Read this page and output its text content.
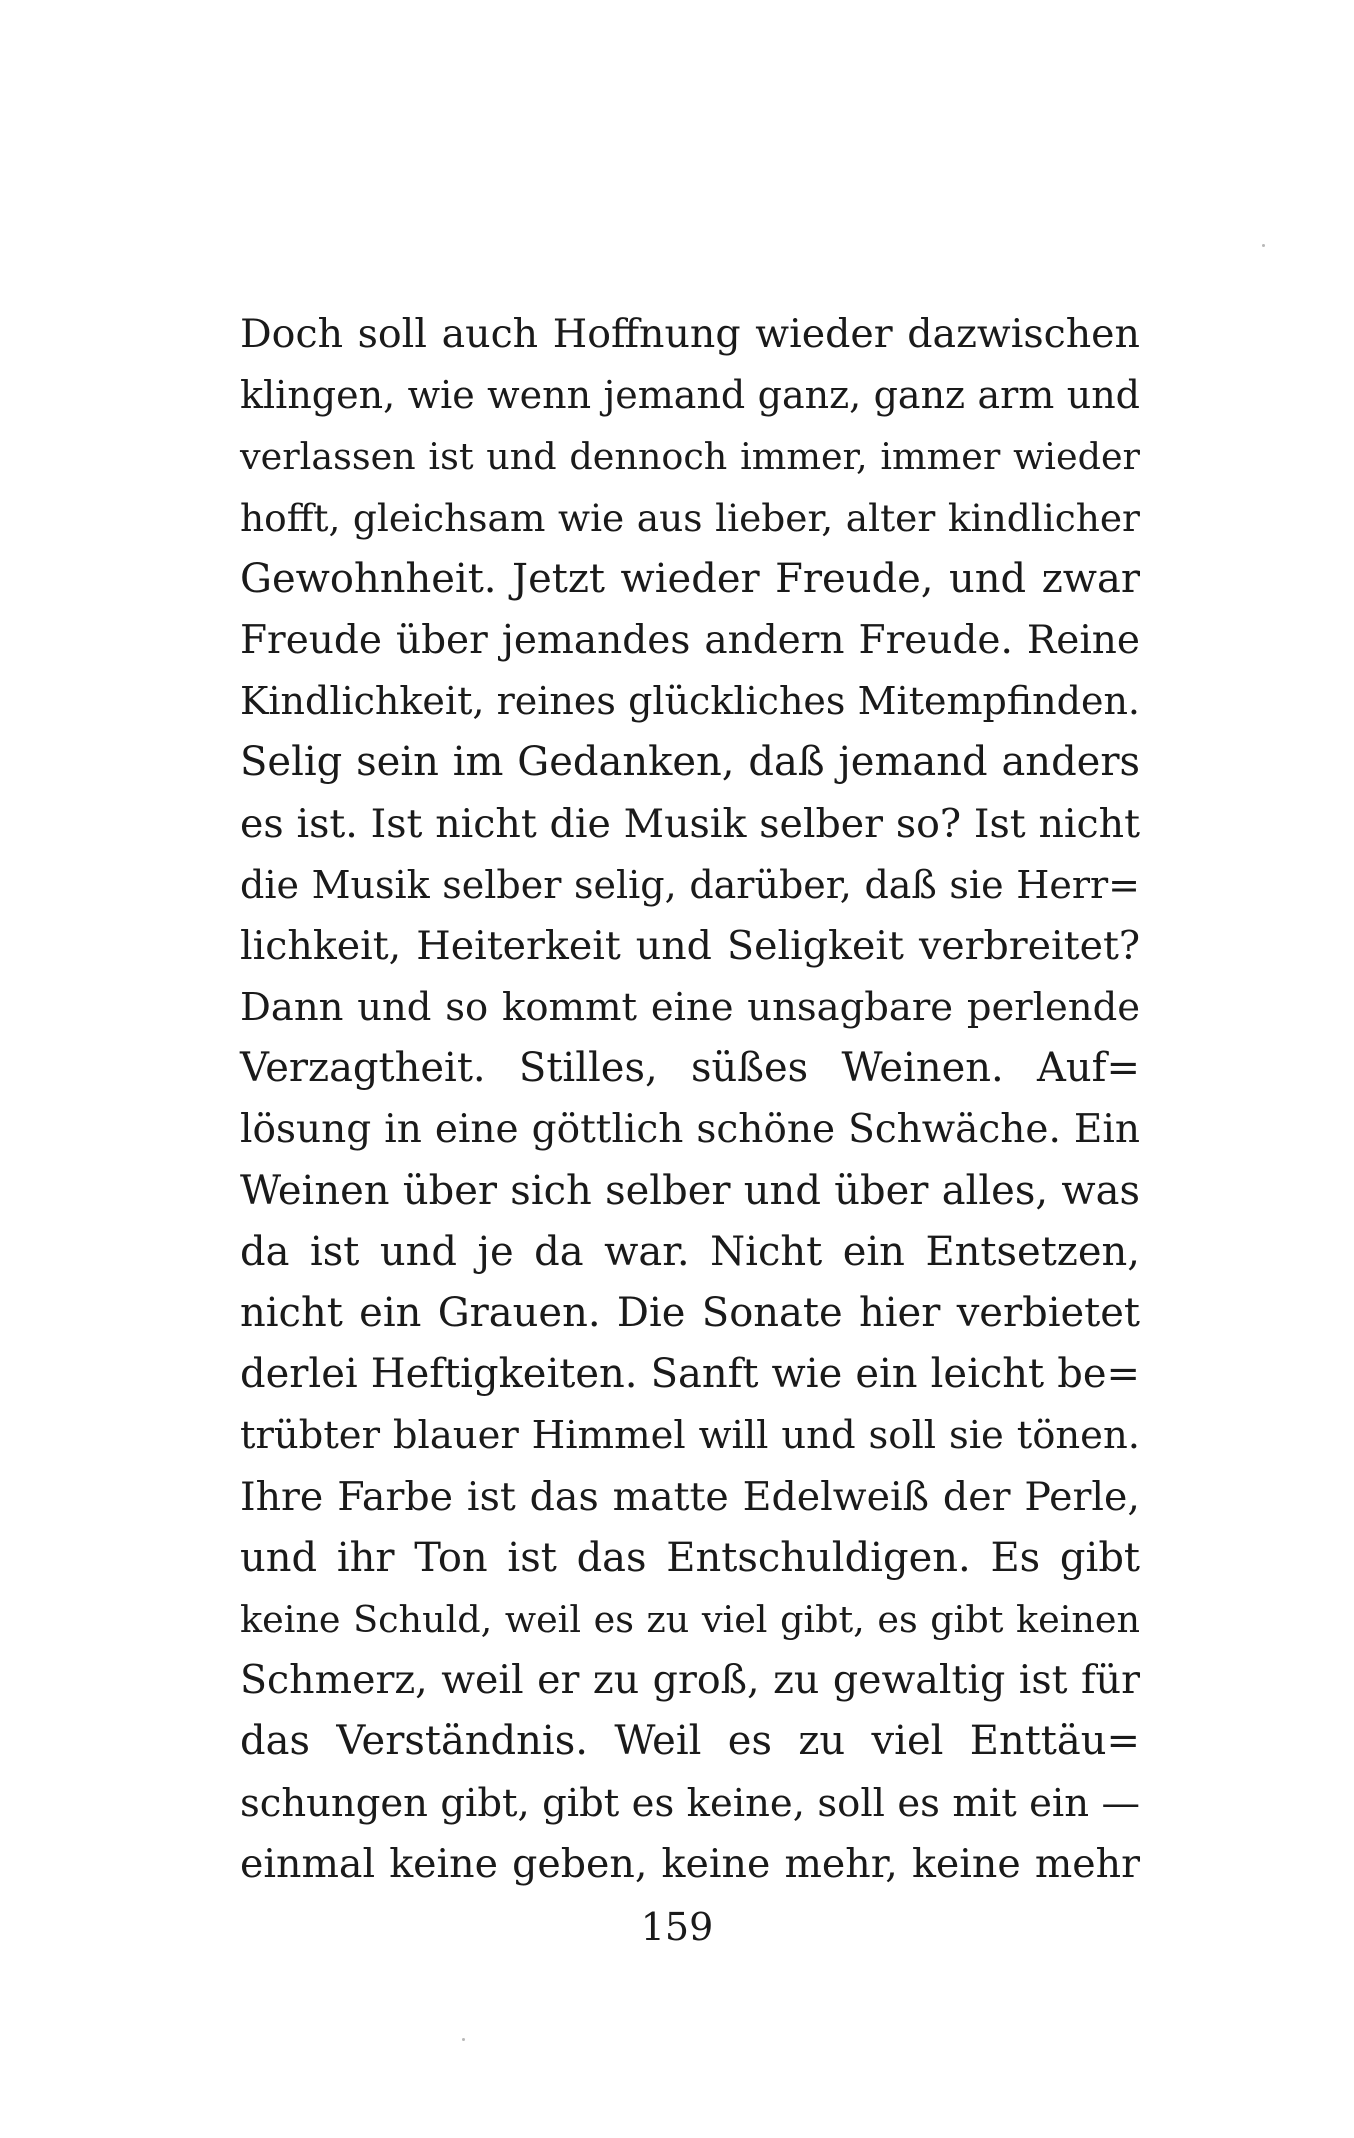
Doch soll auch Hoffnung wieder dazwischen
klingen, wie wenn jemand ganz, ganz arm und
verlassen ist und dennoch immer, immer wieder
hofft, gleichsam wie aus lieber, alter kindlicher
Gewohnheit. Jetzt wieder Freude, und zwar
Freude über jemandes andern Freude. Reine
Kindlichkeit, reines glückliches Mitempfinden.
Selig sein im Gedanken, daß jemand anders
es ist. Ist nicht die Musik selber so? Ist nicht
die Musik selber selig, darüber, daß sie Herr=
lichkeit, Heiterkeit und Seligkeit verbreitet?
Dann und so kommt eine unsagbare perlende
Verzagtheit. Stilles, süßes Weinen. Auf=
lösung in eine göttlich schöne Schwäche. Ein
Weinen über sich selber und über alles, was
da ist und je da war. Nicht ein Entsetzen,
nicht ein Grauen. Die Sonate hier verbietet
derlei Heftigkeiten. Sanft wie ein leicht be=
trübter blauer Himmel will und soll sie tönen.
Ihre Farbe ist das matte Edelweiß der Perle,
und ihr Ton ist das Entschuldigen. Es gibt
keine Schuld, weil es zu viel gibt, es gibt keinen
Schmerz, weil er zu groß, zu gewaltig ist für
das Verständnis. Weil es zu viel Enttäu=
schungen gibt, gibt es keine, soll es mit ein —
einmal keine geben, keine mehr, keine mehr
159
